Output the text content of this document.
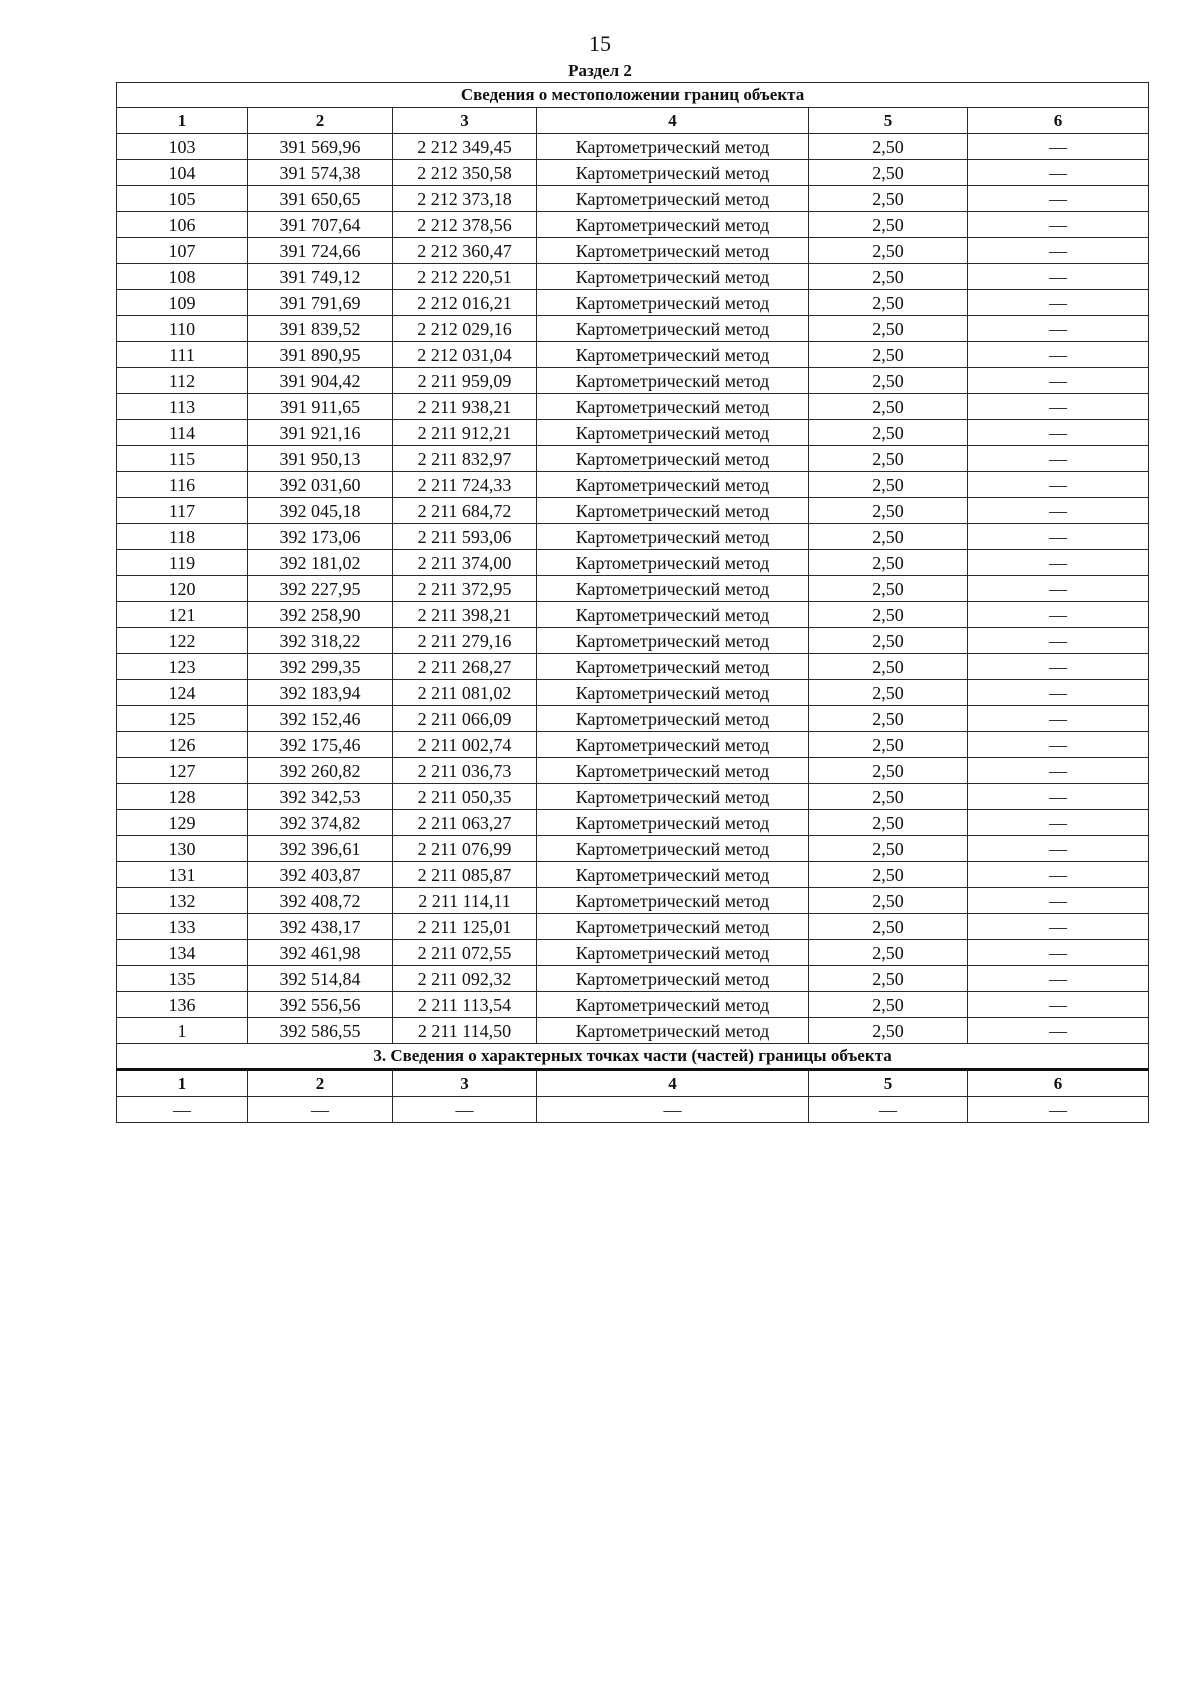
15
Раздел 2
Сведения о местоположении границ объекта					
1	2	3	4	5	6
103	391 569,96	2 212 349,45	Картометрический метод	2,50	—
104	391 574,38	2 212 350,58	Картометрический метод	2,50	—
105	391 650,65	2 212 373,18	Картометрический метод	2,50	—
106	391 707,64	2 212 378,56	Картометрический метод	2,50	—
107	391 724,66	2 212 360,47	Картометрический метод	2,50	—
108	391 749,12	2 212 220,51	Картометрический метод	2,50	—
109	391 791,69	2 212 016,21	Картометрический метод	2,50	—
110	391 839,52	2 212 029,16	Картометрический метод	2,50	—
111	391 890,95	2 212 031,04	Картометрический метод	2,50	—
112	391 904,42	2 211 959,09	Картометрический метод	2,50	—
113	391 911,65	2 211 938,21	Картометрический метод	2,50	—
114	391 921,16	2 211 912,21	Картометрический метод	2,50	—
115	391 950,13	2 211 832,97	Картометрический метод	2,50	—
116	392 031,60	2 211 724,33	Картометрический метод	2,50	—
117	392 045,18	2 211 684,72	Картометрический метод	2,50	—
118	392 173,06	2 211 593,06	Картометрический метод	2,50	—
119	392 181,02	2 211 374,00	Картометрический метод	2,50	—
120	392 227,95	2 211 372,95	Картометрический метод	2,50	—
121	392 258,90	2 211 398,21	Картометрический метод	2,50	—
122	392 318,22	2 211 279,16	Картометрический метод	2,50	—
123	392 299,35	2 211 268,27	Картометрический метод	2,50	—
124	392 183,94	2 211 081,02	Картометрический метод	2,50	—
125	392 152,46	2 211 066,09	Картометрический метод	2,50	—
126	392 175,46	2 211 002,74	Картометрический метод	2,50	—
127	392 260,82	2 211 036,73	Картометрический метод	2,50	—
128	392 342,53	2 211 050,35	Картометрический метод	2,50	—
129	392 374,82	2 211 063,27	Картометрический метод	2,50	—
130	392 396,61	2 211 076,99	Картометрический метод	2,50	—
131	392 403,87	2 211 085,87	Картометрический метод	2,50	—
132	392 408,72	2 211 114,11	Картометрический метод	2,50	—
133	392 438,17	2 211 125,01	Картометрический метод	2,50	—
134	392 461,98	2 211 072,55	Картометрический метод	2,50	—
135	392 514,84	2 211 092,32	Картометрический метод	2,50	—
136	392 556,56	2 211 113,54	Картометрический метод	2,50	—
1	392 586,55	2 211 114,50	Картометрический метод	2,50	—
3. Сведения о характерных точках части (частей) границы объекта					
1	2	3	4	5	6
—	—	—	—	—	—
